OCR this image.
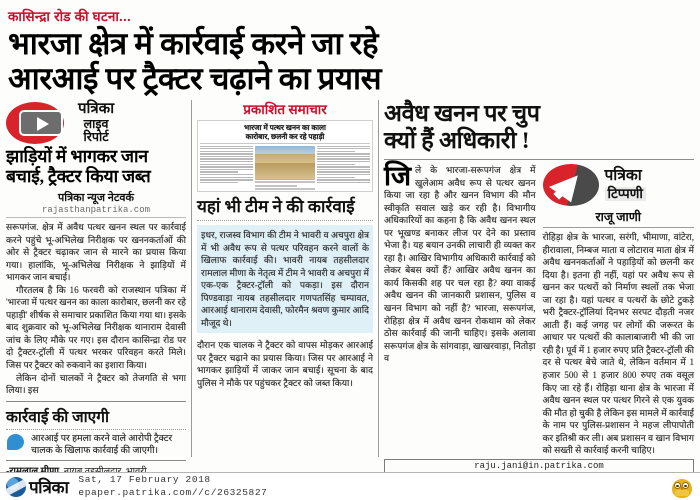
कासिन्द्रा रोड की घटना...
भारजा क्षेत्र में कार्रवाई करने जा रहे
आरआई पर ट्रैक्टर चढ़ाने का प्रयास
पत्रिका
लाइव
रिपोर्ट
झाड़ियों में भागकर जान बचाई, ट्रैक्टर किया जब्त
पत्रिका न्यूज नेटवर्क
rajasthanpatrika.com

सरूपगंज. क्षेत्र में अवैध पत्थर खनन स्थल पर कार्रवाई करने पहुंचे भू-अभिलेख निरीक्षक पर खननकर्ताओं की ओर से ट्रैक्टर चढ़ाकर जान से मारने का प्रयास किया गया। हालांकि, भू-अभिलेख निरीक्षक ने झाड़ियों में भागकर जान बचाई।

गौरतलब है कि 16 फरवरी को राजस्थान पत्रिका में 'भारजा में पत्थर खनन का काला कारोबार, छलनी कर रहे पहाड़ी' शीर्षक से समाचार प्रकाशित किया गया था। इसके बाद शुक्रवार को भू-अभिलेख निरीक्षक थानाराम देवासी जांच के लिए मौके पर गए। इस दौरान कासिन्द्रा रोड पर दो ट्रैक्टर-ट्रॉली में पत्थर भरकर परिवहन करते मिले। जिस पर ट्रैक्टर को रुकवाने का इशारा किया।

लेकिन दोनों चालकों ने ट्रैक्टर को तेजगति से भगा लिया। इस

कार्रवाई की जाएगी
आरआई पर हमला करने वाले आरोपी ट्रैक्टर चालक के खिलाफ कार्रवाई की जाएगी।
प्रकाशित समाचार
भारजा में पत्थर खनन का काला
कारोबार, छलनी कर रहे पहाड़ी
यहां भी टीम ने की कार्रवाई
इधर, राजस्व विभाग की टीम ने भावरी व अचपुरा क्षेत्र में भी अवैध रूप से पत्थर परिवहन करने वालों के खिलाफ कार्रवाई की। भावरी नायब तहसीलदार रामलाल मीणा के नेतृत्व में टीम ने भावरी व अचपुरा में एक-एक ट्रैक्टर-ट्रॉली को पकड़ा। इस दौरान पिण्डवाड़ा नायब तहसीलदार गणपतसिंह चम्पावत, आरआई थानाराम देवासी, फोरमैन श्रवण कुमार आदि मौजूद थे।
दौरान एक चालक ने ट्रैक्टर को वापस मोड़कर आरआई पर ट्रैक्टर चढ़ाने का प्रयास किया। जिस पर आरआई ने भागकर झाड़ियों में जाकर जान बचाई। सूचना के बाद पुलिस ने मौके पर पहुंचकर ट्रैक्टर को जब्त किया।
अवैध खनन पर चुप
क्यों हैं अधिकारी !
जि ले के भारजा-सरूपगंज क्षेत्र में खुलेआम अवैध रूप से पत्थर खनन किया जा रहा है और खनन विभाग की मौन स्वीकृति सवाल खड़े कर रही है। विभागीय अधिकारियों का कहना है कि अवैध खनन स्थल पर भूखण्ड बनाकर लीज पर देने का प्रस्ताव भेजा है। यह बयान उनकी लाचारी ही व्यक्त कर रहा है। आखिर विभागीय अधिकारी कार्रवाई को लेकर बेबस क्यों हैं? आखिर अवैध खनन का कार्य किसकी शह पर चल रहा है? क्या वाकई अवैध खनन की जानकारी प्रशासन, पुलिस व खनन विभाग को नहीं है? भारजा, सरूपगंज, रोहिड़ा क्षेत्र में अवैध खनन रोकथाम को लेकर ठोस कार्रवाई की जानी चाहिए। इसके अलावा सरूपगंज क्षेत्र के सांगवाड़ा, खाखरवाड़ा, नितोड़ा व
पत्रिका
टिप्पणी
राजू जाणी
रोहिड़ा क्षेत्र के भारजा, सरंगी, भीमाणा, वांटेरा, हीरावाला, निम्बज माता व लोटाराव माता क्षेत्र में अवैध खननकर्ताओं ने पहाड़ियों को छलनी कर दिया है। इतना ही नहीं, यहां पर अवैध रूप से खनन कर पत्थरों को निर्माण स्थलों तक भेजा जा रहा है। यहां पत्थर व पत्थरों के छोटे टुकड़े भरी ट्रैक्टर-ट्रॉलियां दिनभर सरपट दौड़ती नजर आती हैं। कई जगह पर लोगों की जरूरत के आधार पर पत्थरों की कालाबाजारी भी की जा रही है। पूर्व में 1 हजार रुपए प्रति ट्रैक्टर-ट्रॉली की दर से पत्थर बेचे जाते थे, लेकिन वर्तमान में 1 हजार 500 से 1 हजार 800 रुपए तक वसूल किए जा रहे हैं। रोहिड़ा थाना क्षेत्र के भारजा में अवैध खनन स्थल पर पत्थर गिरने से एक युवक की मौत हो चुकी है लेकिन इस मामले में कार्रवाई के नाम पर पुलिस-प्रशासन ने महज लीपापोती कर इतिश्री कर ली। अब प्रशासन व खान विभाग को सख्ती से कार्रवाई करनी चाहिए।
raju.jani@in.patrika.com
पत्रिका Sat, 17 February 2018
epaper.patrika.com//c/26325827
